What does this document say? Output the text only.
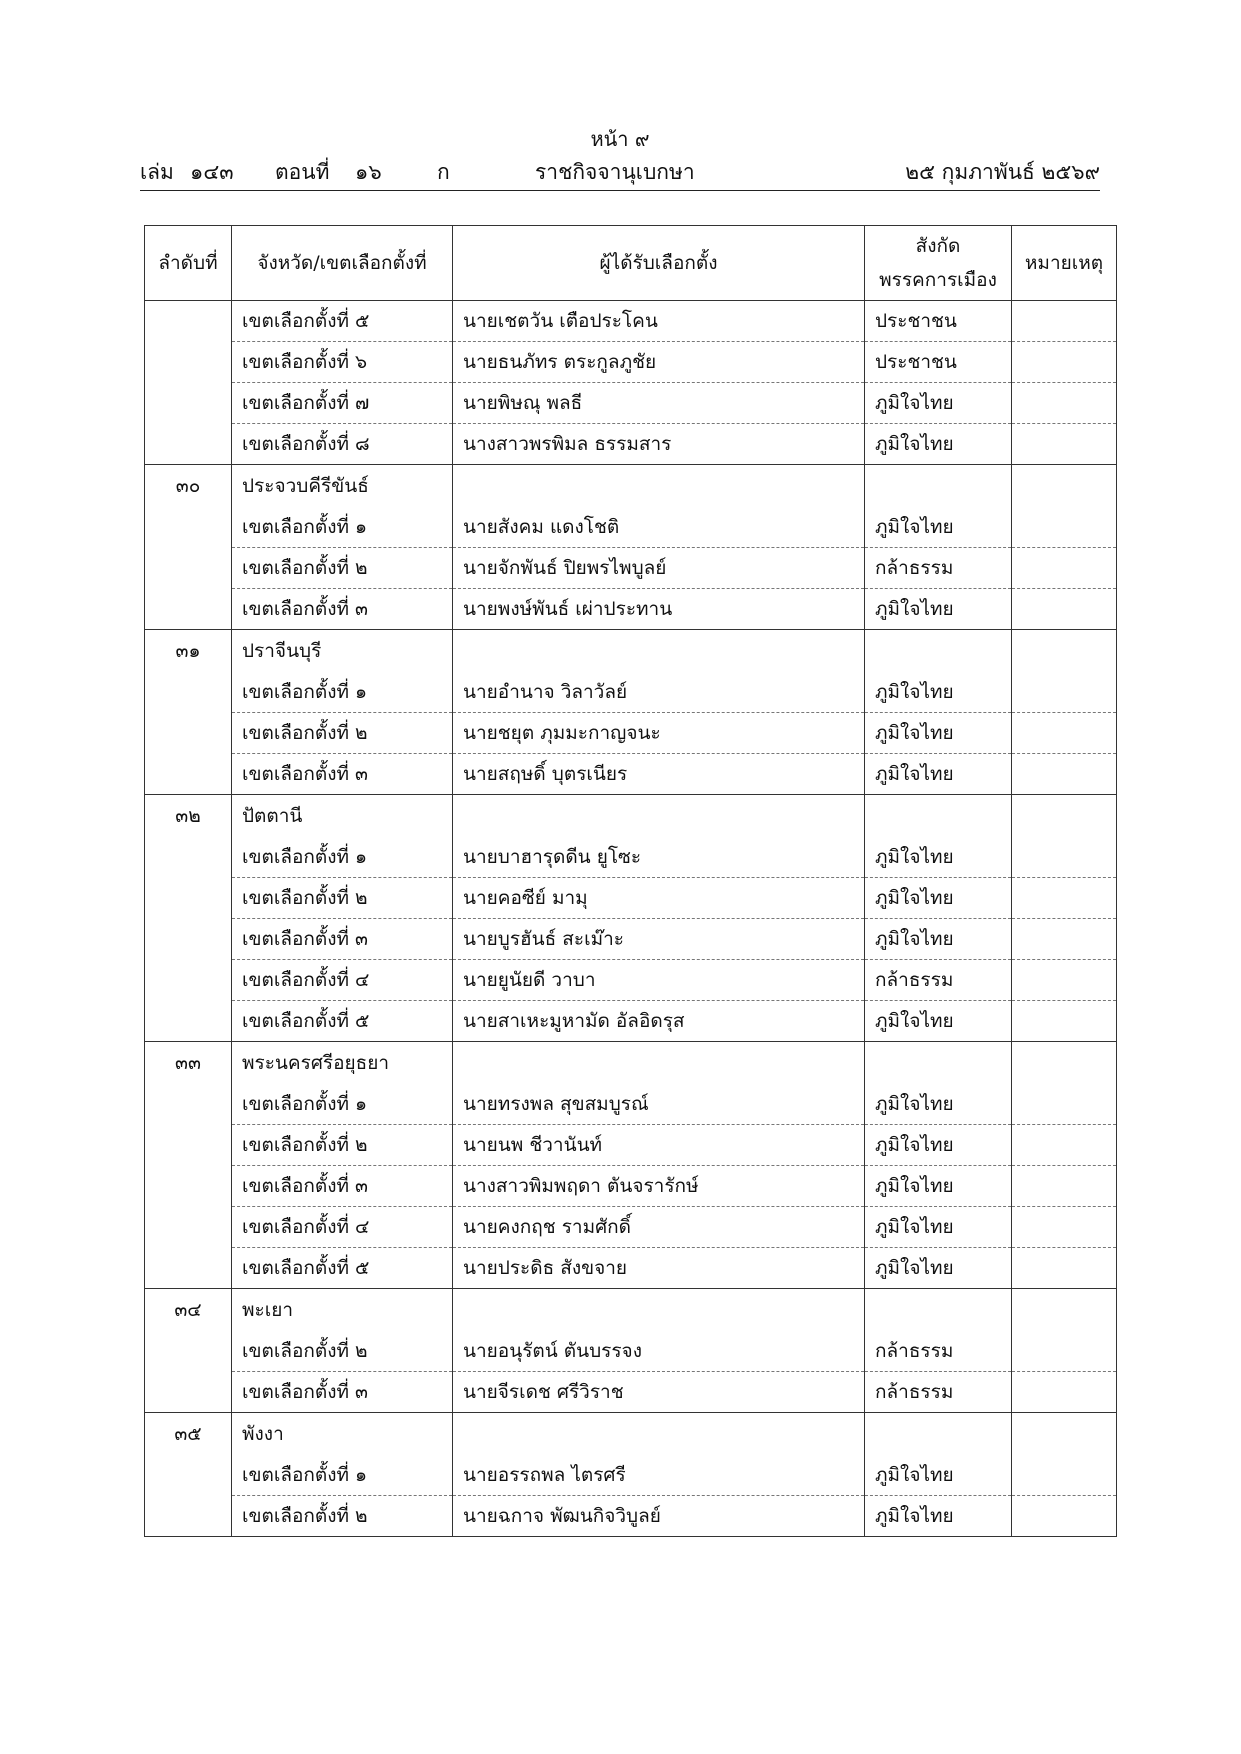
หน้า ๙
เล่ม ๑๔๓ ตอนที่ ๑๖	ก	ราชกิจจานุเบกษา	๒๕ กุมภาพันธ์ ๒๕๖๙
ลำดับที่	จังหวัด/เขตเลือกตั้งที่	ผู้ได้รับเลือกตั้ง	สังกัด
พรรคการเมือง	หมายเหตุ
	เขตเลือกตั้งที่ ๕	นายเชตวัน เตือประโคน	ประชาชน	
	เขตเลือกตั้งที่ ๖	นายธนภัทร ตระกูลภูชัย	ประชาชน	
	เขตเลือกตั้งที่ ๗	นายพิษณุ พลธี	ภูมิใจไทย	
	เขตเลือกตั้งที่ ๘	นางสาวพรพิมล ธรรมสาร	ภูมิใจไทย	
๓๐	ประจวบคีรีขันธ์			
	เขตเลือกตั้งที่ ๑	นายสังคม แดงโชติ	ภูมิใจไทย	
	เขตเลือกตั้งที่ ๒	นายจักพันธ์ ปิยพรไพบูลย์	กล้าธรรม	
	เขตเลือกตั้งที่ ๓	นายพงษ์พันธ์ เผ่าประทาน	ภูมิใจไทย	
๓๑	ปราจีนบุรี			
	เขตเลือกตั้งที่ ๑	นายอำนาจ วิลาวัลย์	ภูมิใจไทย	
	เขตเลือกตั้งที่ ๒	นายชยุต ภุมมะกาญจนะ	ภูมิใจไทย	
	เขตเลือกตั้งที่ ๓	นายสฤษดิ์ บุตรเนียร	ภูมิใจไทย	
๓๒	ปัตตานี			
	เขตเลือกตั้งที่ ๑	นายบาฮารุดดีน ยูโซะ	ภูมิใจไทย	
	เขตเลือกตั้งที่ ๒	นายคอซีย์ มามุ	ภูมิใจไทย	
	เขตเลือกตั้งที่ ๓	นายบูรฮันธ์ สะเม๊าะ	ภูมิใจไทย	
	เขตเลือกตั้งที่ ๔	นายยูนัยดี วาบา	กล้าธรรม	
	เขตเลือกตั้งที่ ๕	นายสาเหะมูหามัด อัลอิดรุส	ภูมิใจไทย	
๓๓	พระนครศรีอยุธยา			
	เขตเลือกตั้งที่ ๑	นายทรงพล สุขสมบูรณ์	ภูมิใจไทย	
	เขตเลือกตั้งที่ ๒	นายนพ ชีวานันท์	ภูมิใจไทย	
	เขตเลือกตั้งที่ ๓	นางสาวพิมพฤดา ตันจรารักษ์	ภูมิใจไทย	
	เขตเลือกตั้งที่ ๔	นายคงกฤช รามศักดิ์	ภูมิใจไทย	
	เขตเลือกตั้งที่ ๕	นายประดิธ สังขจาย	ภูมิใจไทย	
๓๔	พะเยา			
	เขตเลือกตั้งที่ ๒	นายอนุรัตน์ ตันบรรจง	กล้าธรรม	
	เขตเลือกตั้งที่ ๓	นายจีรเดช ศรีวิราช	กล้าธรรม	
๓๕	พังงา			
	เขตเลือกตั้งที่ ๑	นายอรรถพล ไตรศรี	ภูมิใจไทย	
	เขตเลือกตั้งที่ ๒	นายฉกาจ พัฒนกิจวิบูลย์	ภูมิใจไทย	
